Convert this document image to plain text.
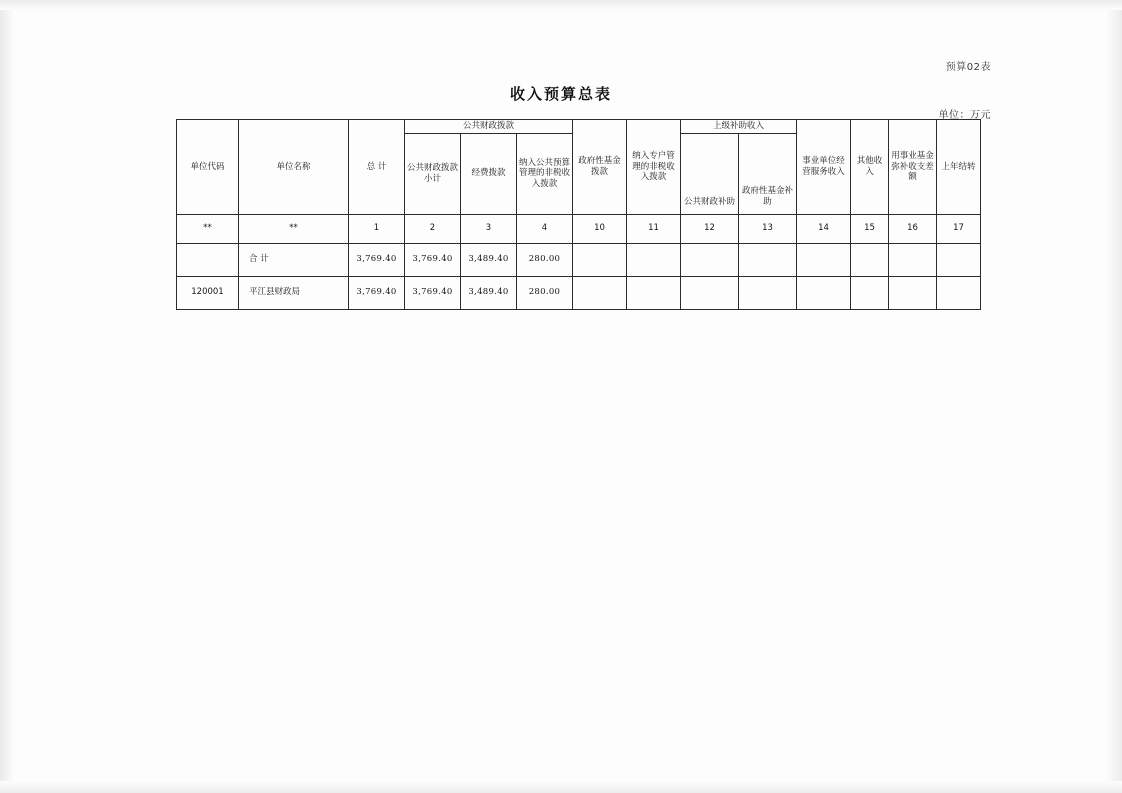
预算02表
收入预算总表
单位：万元
单位代码	单位名称	总 计	公共财政拨款			政府性基金拨款	纳入专户管理的非税收入拨款	上级补助收入		事业单位经营服务收入	其他收入	用事业基金弥补收支差额	上年结转
			公共财政拨款小计	经费拨款	纳入公共预算管理的非税收入拨款			公共财政补助	政府性基金补助				

**	**	1	2	3	4	10	11	12	13	14	15	16	17
	合 计	3,769.40	3,769.40	3,489.40	280.00								
120001	平江县财政局	3,769.40	3,769.40	3,489.40	280.00								
